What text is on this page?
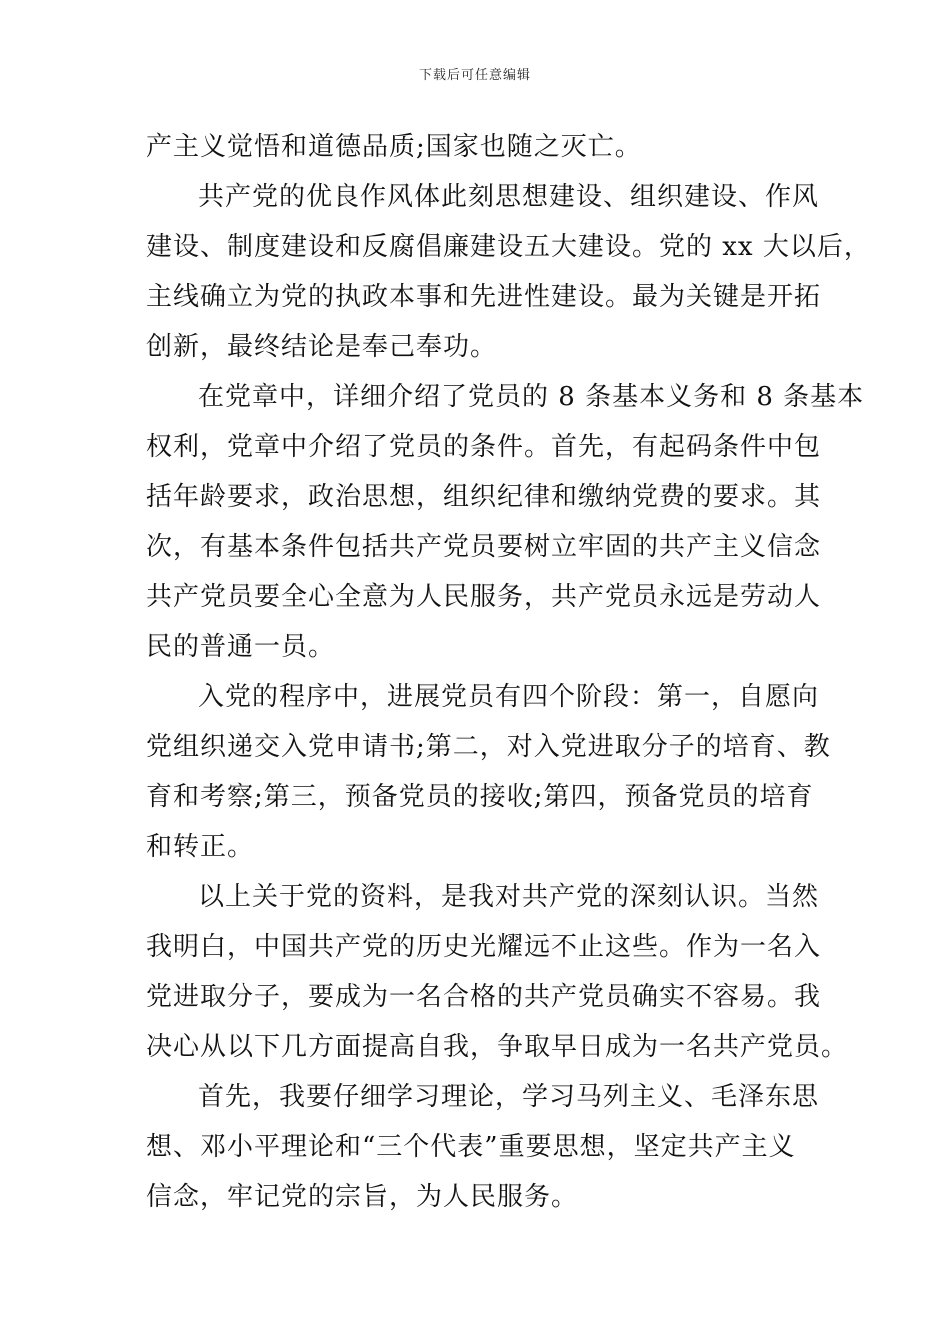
下载后可任意编辑
产主义觉悟和道德品质;国家也随之灭亡。
共产党的优良作风体此刻思想建设、组织建设、作风
建设、制度建设和反腐倡廉建设五大建设。党的 xx 大以后，
主线确立为党的执政本事和先进性建设。最为关键是开拓
创新，最终结论是奉己奉功。
在党章中，详细介绍了党员的 8 条基本义务和 8 条基本
权利，党章中介绍了党员的条件。首先，有起码条件中包
括年龄要求，政治思想，组织纪律和缴纳党费的要求。其
次，有基本条件包括共产党员要树立牢固的共产主义信念
共产党员要全心全意为人民服务，共产党员永远是劳动人
民的普通一员。
入党的程序中，进展党员有四个阶段：第一，自愿向
党组织递交入党申请书;第二，对入党进取分子的培育、教
育和考察;第三，预备党员的接收;第四，预备党员的培育
和转正。
以上关于党的资料，是我对共产党的深刻认识。当然
我明白，中国共产党的历史光耀远不止这些。作为一名入
党进取分子，要成为一名合格的共产党员确实不容易。我
决心从以下几方面提高自我，争取早日成为一名共产党员。
首先，我要仔细学习理论，学习马列主义、毛泽东思
想、邓小平理论和“三个代表”重要思想，坚定共产主义
信念，牢记党的宗旨，为人民服务。
